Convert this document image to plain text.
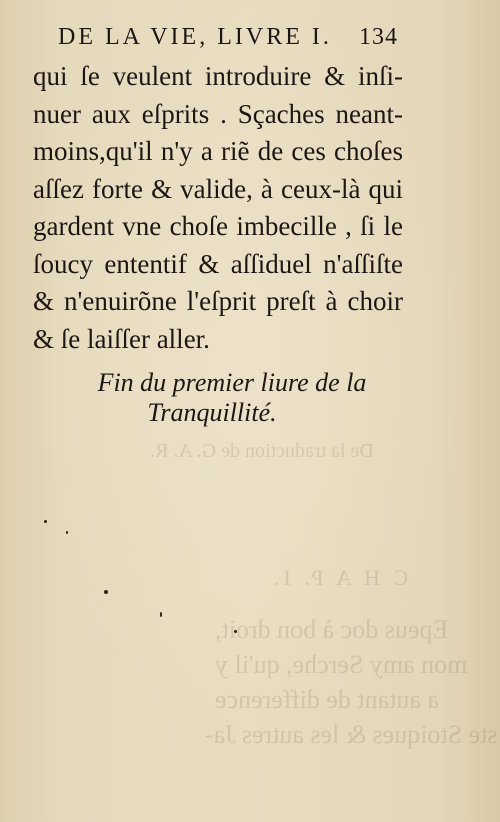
De la traduction de G. A. R.
C H A P. I.
Epeus doc à bon droit,
mon amy Serche, qu'il y
a autant de difference
ste Stoiques & les autres Ja-
DE LA VIE, LIVRE I. 134
qui ſe veulent introduire & inſi-
nuer aux eſprits . Sçaches neant-
moins,qu'il n'y a riẽ de ces choſes
aſſez forte & valide, à ceux-là qui
gardent vne choſe imbecille , ſi le
ſoucy ententif & aſſiduel n'aſſiſte
& n'enuirõne l'eſprit preſt à choir
& ſe laiſſer aller.
Fin du premier liure de la
Tranquillité.
